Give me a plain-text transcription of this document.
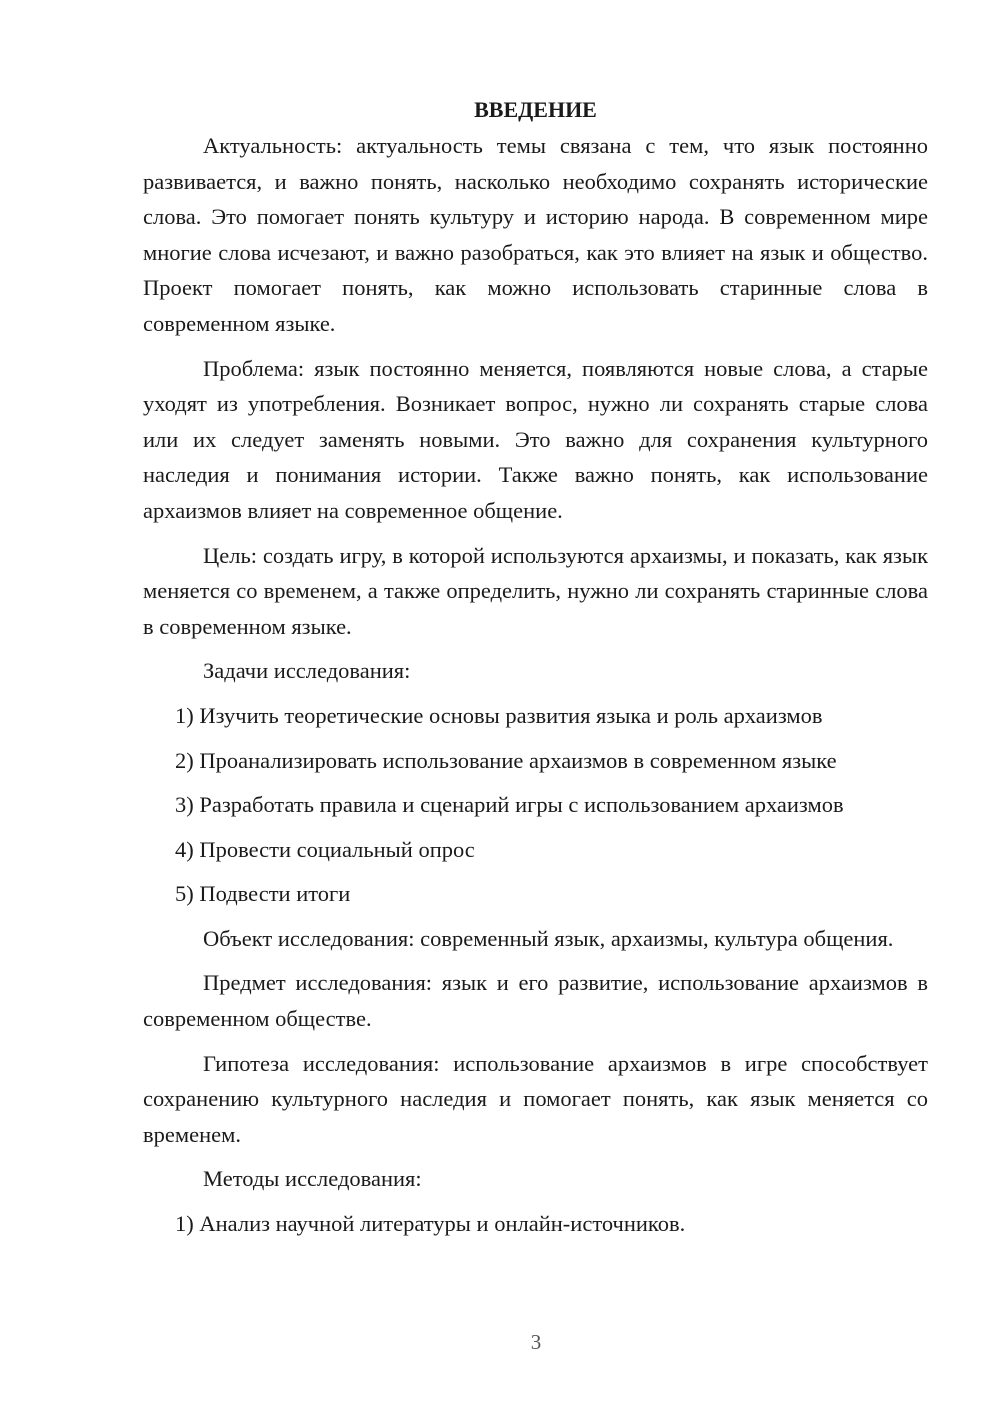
ВВЕДЕНИЕ

Актуальность: актуальность темы связана с тем, что язык постоянно развивается, и важно понять, насколько необходимо сохранять исторические слова. Это помогает понять культуру и историю народа. В современном мире многие слова исчезают, и важно разобраться, как это влияет на язык и общество. Проект помогает понять, как можно использовать старинные слова в современном языке.

Проблема: язык постоянно меняется, появляются новые слова, а старые уходят из употребления. Возникает вопрос, нужно ли сохранять старые слова или их следует заменять новыми. Это важно для сохранения культурного наследия и понимания истории. Также важно понять, как использование архаизмов влияет на современное общение.

Цель: создать игру, в которой используются архаизмы, и показать, как язык меняется со временем, а также определить, нужно ли сохранять старинные слова в современном языке.

Задачи исследования:

1) Изучить теоретические основы развития языка и роль архаизмов

2) Проанализировать использование архаизмов в современном языке

3) Разработать правила и сценарий игры с использованием архаизмов

4) Провести социальный опрос

5) Подвести итоги

Объект исследования: современный язык, архаизмы, культура общения.

Предмет исследования: язык и его развитие, использование архаизмов в современном обществе.

Гипотеза исследования: использование архаизмов в игре способствует сохранению культурного наследия и помогает понять, как язык меняется со временем.

Методы исследования:

1) Анализ научной литературы и онлайн-источников.

3
